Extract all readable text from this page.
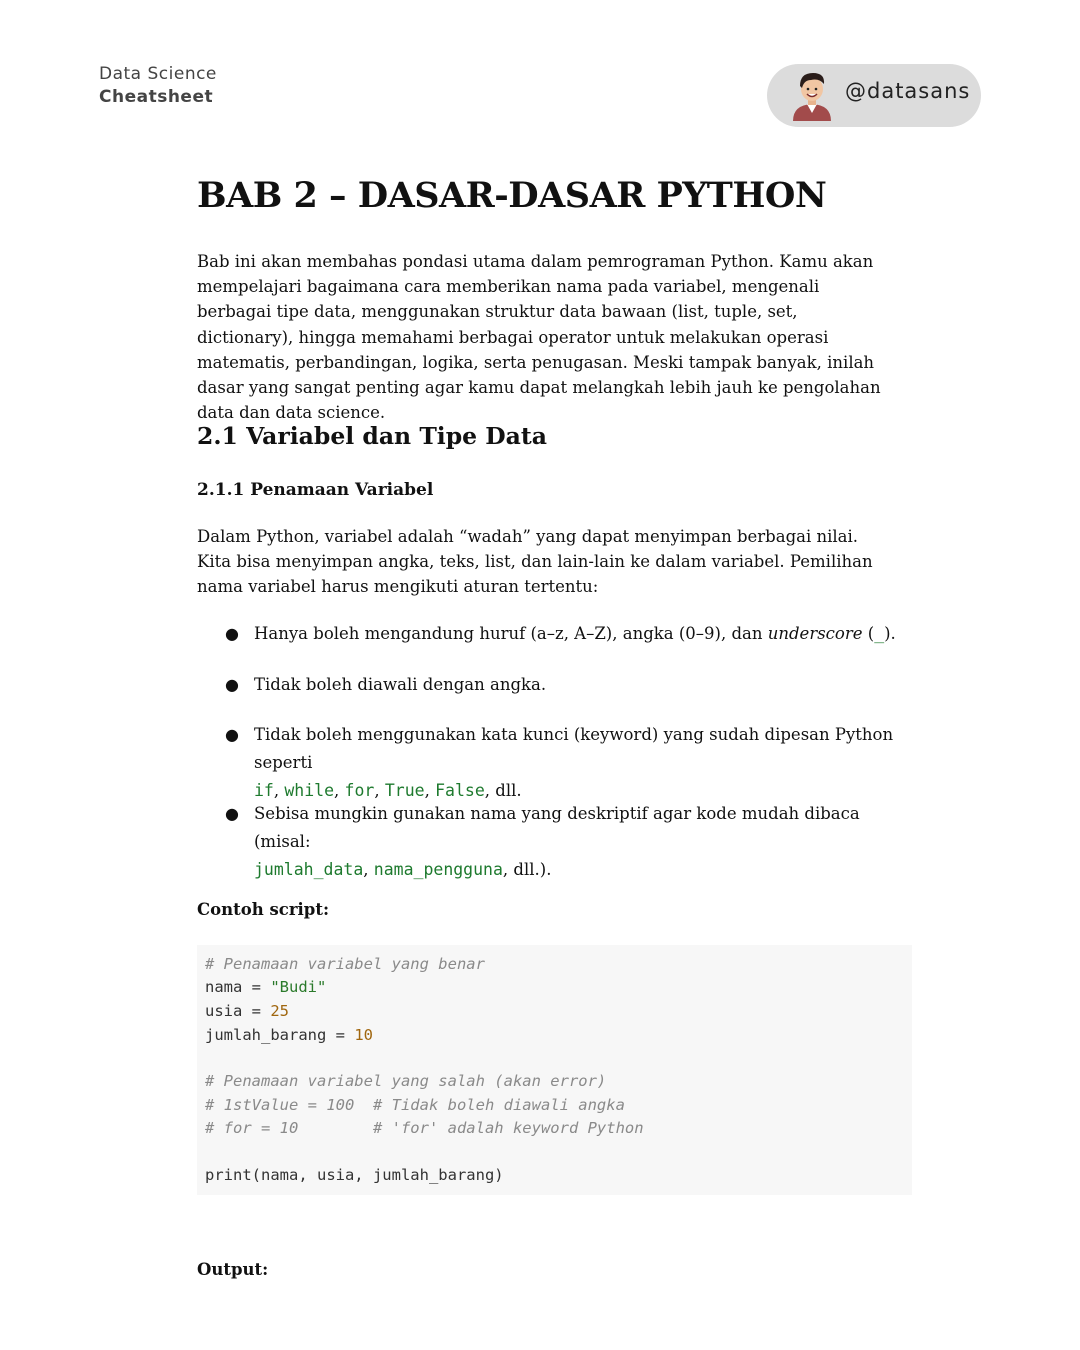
Data Science
Cheatsheet	@datasans
BAB 2 – DASAR-DASAR PYTHON

Bab ini akan membahas pondasi utama dalam pemrograman Python. Kamu akan mempelajari bagaimana cara memberikan nama pada variabel, mengenali berbagai tipe data, menggunakan struktur data bawaan (list, tuple, set, dictionary), hingga memahami berbagai operator untuk melakukan operasi matematis, perbandingan, logika, serta penugasan. Meski tampak banyak, inilah dasar yang sangat penting agar kamu dapat melangkah lebih jauh ke pengolahan data dan data science.

2.1 Variabel dan Tipe Data
2.1.1 Penamaan Variabel

Dalam Python, variabel adalah “wadah” yang dapat menyimpan berbagai nilai. Kita bisa menyimpan angka, teks, list, dan lain-lain ke dalam variabel. Pemilihan nama variabel harus mengikuti aturan tertentu:

● Hanya boleh mengandung huruf (a–z, A–Z), angka (0–9), dan underscore (_).
● Tidak boleh diawali dengan angka.
● Tidak boleh menggunakan kata kunci (keyword) yang sudah dipesan Python seperti
if, while, for, True, False, dll.
● Sebisa mungkin gunakan nama yang deskriptif agar kode mudah dibaca (misal:
jumlah_data, nama_pengguna, dll.).

Contoh script:

Output:

# Penamaan variabel yang benar
nama = "Budi"
usia = 25
jumlah_barang = 10
# Penamaan variabel yang salah (akan error)
# 1stValue = 100  # Tidak boleh diawali angka
# for = 10        # 'for' adalah keyword Python
print(nama, usia, jumlah_barang)
